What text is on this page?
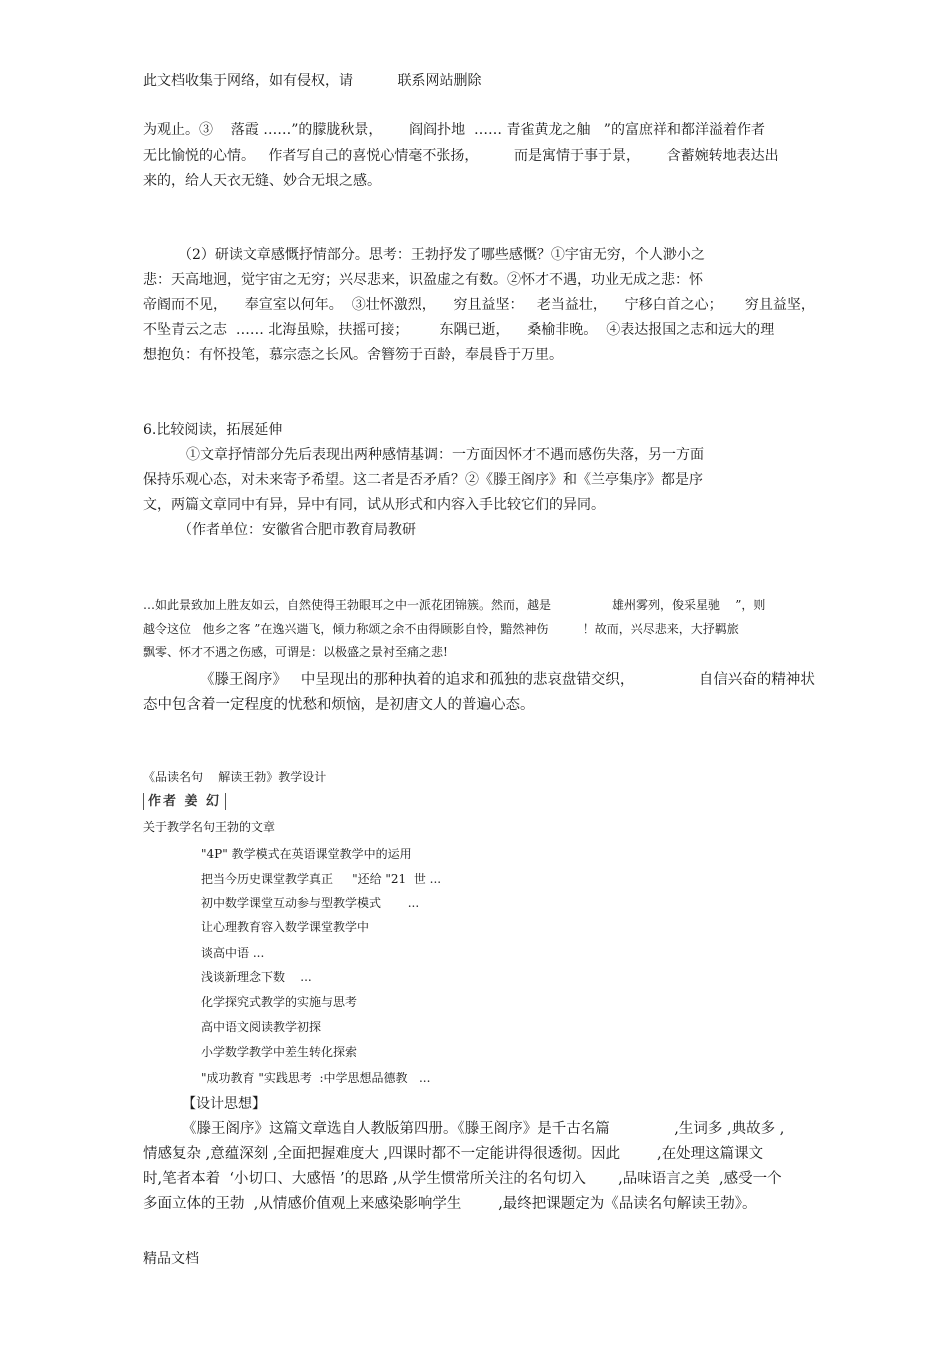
此文档收集于网络，如有侵权，请          联系网站删除
为观止。③    落霞 ……”的朦胧秋景，      阎阎扑地  …… 青雀黄龙之舳   ”的富庶祥和都洋溢着作者
无比愉悦的心情。   作者写自己的喜悦心情毫不张扬，        而是寓情于事于景，      含蓄婉转地表达出
来的，给人天衣无缝、妙合无垠之感。
（2）研读文章感慨抒情部分。思考：王勃抒发了哪些感慨？①宇宙无穷，个人渺小之
悲：天高地迥，觉宇宙之无穷；兴尽悲来，识盈虚之有数。②怀才不遇，功业无成之悲：怀
帝阍而不见，    奉宣室以何年。  ③壮怀激烈，    穷且益坚：   老当益壮，    宁移白首之心；     穷且益坚，
不坠青云之志  …… 北海虽赊，扶摇可接；       东隅已逝，    桑榆非晚。  ④表达报国之志和远大的理
想抱负：有怀投笔，慕宗悫之长风。舍簪笏于百龄，奉晨昏于万里。
6.比较阅读，拓展延伸
①文章抒情部分先后表现出两种感情基调：一方面因怀才不遇而感伤失落，另一方面
保持乐观心态，对未来寄予希望。这二者是否矛盾？②《滕王阁序》和《兰亭集序》都是序
文，两篇文章同中有异，异中有同，试从形式和内容入手比较它们的异同。
（作者单位：安徽省合肥市教育局教研
…如此景致加上胜友如云，自然使得王勃眼耳之中一派花团锦簇。然而，越是                雄州雾列，俊采星驰    ”，则
越令这位   他乡之客 ”在逸兴遄飞，倾力称颂之余不由得顾影自怜，黯然神伤         ！故而，兴尽悲来，大抒羁旅
飘零、怀才不遇之伤感，可谓是：以极盛之景衬至痛之悲!
《滕王阁序》   中呈现出的那种执着的追求和孤独的悲哀盘错交织，              自信兴奋的精神状
态中包含着一定程度的忧愁和烦恼，是初唐文人的普遍心态。
《品读名句    解读王勃》教学设计
作者 姜 幻
关于教学名句王勃的文章
"4P" 教学模式在英语课堂教学中的运用
把当今历史课堂教学真正     "还给 "21  世 ...
初中数学课堂互动参与型教学模式       ...
让心理教育容入数学课堂教学中
谈高中语 ...
浅谈新理念下数    ...
化学探究式教学的实施与思考
高中语文阅读教学初探
小学数学教学中差生转化探索
"成功教育 "实践思考  :中学思想品德教   ...
【设计思想】
《滕王阁序》这篇文章选自人教版第四册。《滕王阁序》是千古名篇              ,生词多 ,典故多 ,
情感复杂 ,意蕴深刻 ,全面把握难度大 ,四课时都不一定能讲得很透彻。因此        ,在处理这篇课文
时,笔者本着  ‘小切口、大感悟 ’的思路 ,从学生惯常所关注的名句切入       ,品味语言之美  ,感受一个
多面立体的王勃  ,从情感价值观上来感染影响学生        ,最终把课题定为《品读名句解读王勃》。
精品文档
